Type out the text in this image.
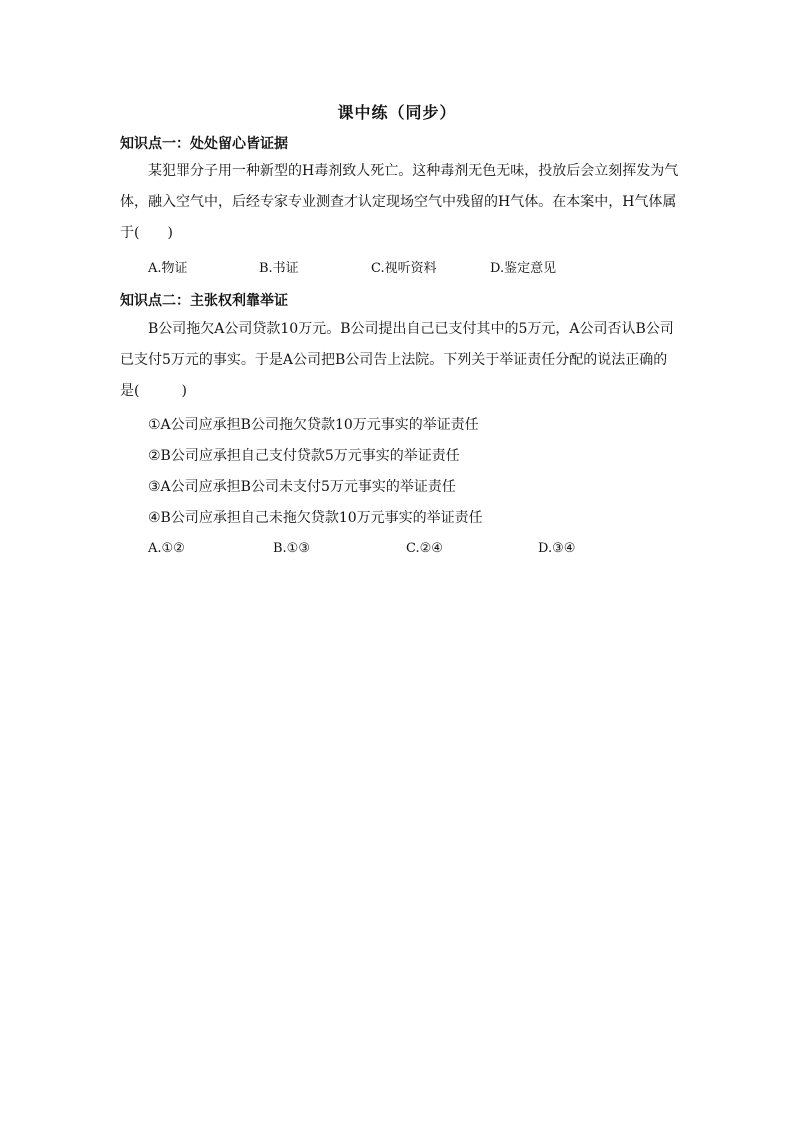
课中练（同步）
知识点一：处处留心皆证据
某犯罪分子用一种新型的H毒剂致人死亡。这种毒剂无色无味，投放后会立刻挥发为气体，融入空气中，后经专家专业测查才认定现场空气中残留的H气体。在本案中，H气体属于(　　)
A.物证	B.书证	C.视听资料	D.鉴定意见
知识点二：主张权利靠举证
B公司拖欠A公司贷款10万元。B公司提出自己已支付其中的5万元，A公司否认B公司已支付5万元的事实。于是A公司把B公司告上法院。下列关于举证责任分配的说法正确的是(　　　)
①A公司应承担B公司拖欠贷款10万元事实的举证责任
②B公司应承担自己支付贷款5万元事实的举证责任
③A公司应承担B公司未支付5万元事实的举证责任
④B公司应承担自己未拖欠贷款10万元事实的举证责任
A.①②	B.①③	C.②④	D.③④
